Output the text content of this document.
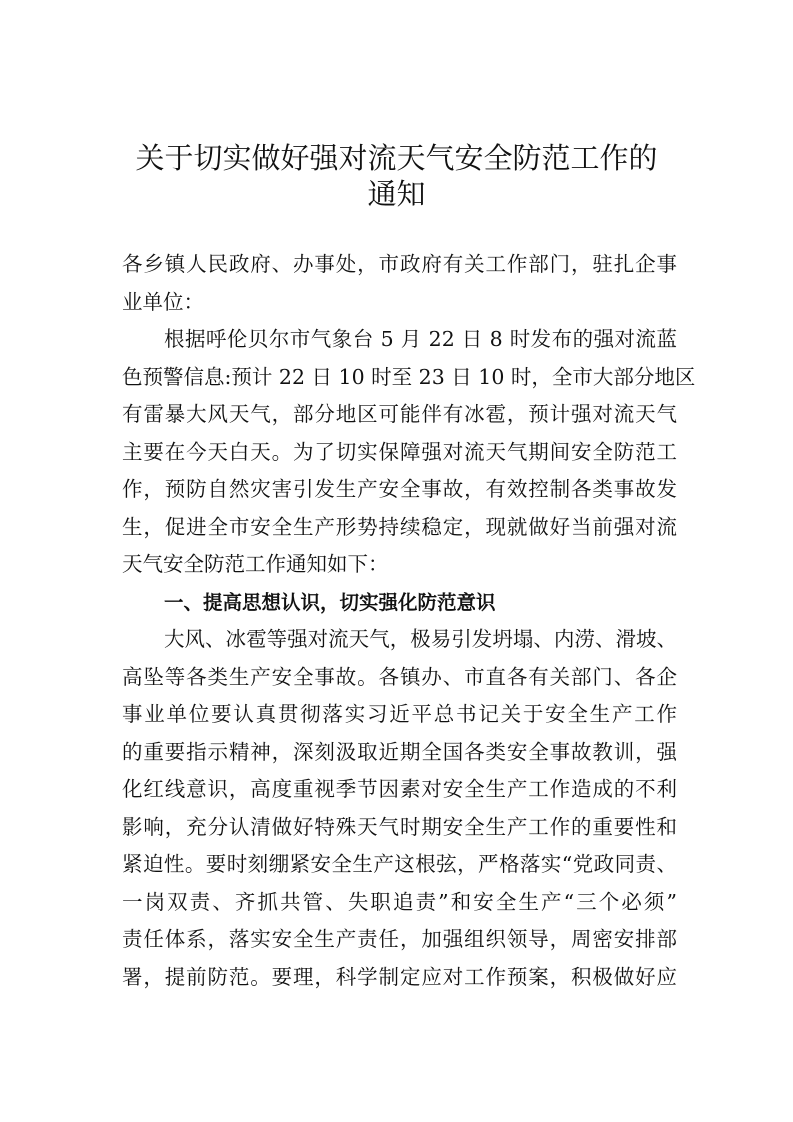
关于切实做好强对流天气安全防范工作的
通知
各乡镇人民政府、办事处，市政府有关工作部门，驻扎企事
业单位：
根据呼伦贝尔市气象台 5 月 22 日 8 时发布的强对流蓝
色预警信息:预计 22 日 10 时至 23 日 10 时，全市大部分地区
有雷暴大风天气，部分地区可能伴有冰雹，预计强对流天气
主要在今天白天。为了切实保障强对流天气期间安全防范工
作，预防自然灾害引发生产安全事故，有效控制各类事故发
生，促进全市安全生产形势持续稳定，现就做好当前强对流
天气安全防范工作通知如下：
一、提高思想认识，切实强化防范意识
大风、冰雹等强对流天气，极易引发坍塌、内涝、滑坡、
高坠等各类生产安全事故。各镇办、市直各有关部门、各企
事业单位要认真贯彻落实习近平总书记关于安全生产工作
的重要指示精神，深刻汲取近期全国各类安全事故教训，强
化红线意识，高度重视季节因素对安全生产工作造成的不利
影响，充分认清做好特殊天气时期安全生产工作的重要性和
紧迫性。要时刻绷紧安全生产这根弦，严格落实“党政同责、
一岗双责、齐抓共管、失职追责”和安全生产“三个必须”
责任体系，落实安全生产责任，加强组织领导，周密安排部
署，提前防范。要理，科学制定应对工作预案，积极做好应
